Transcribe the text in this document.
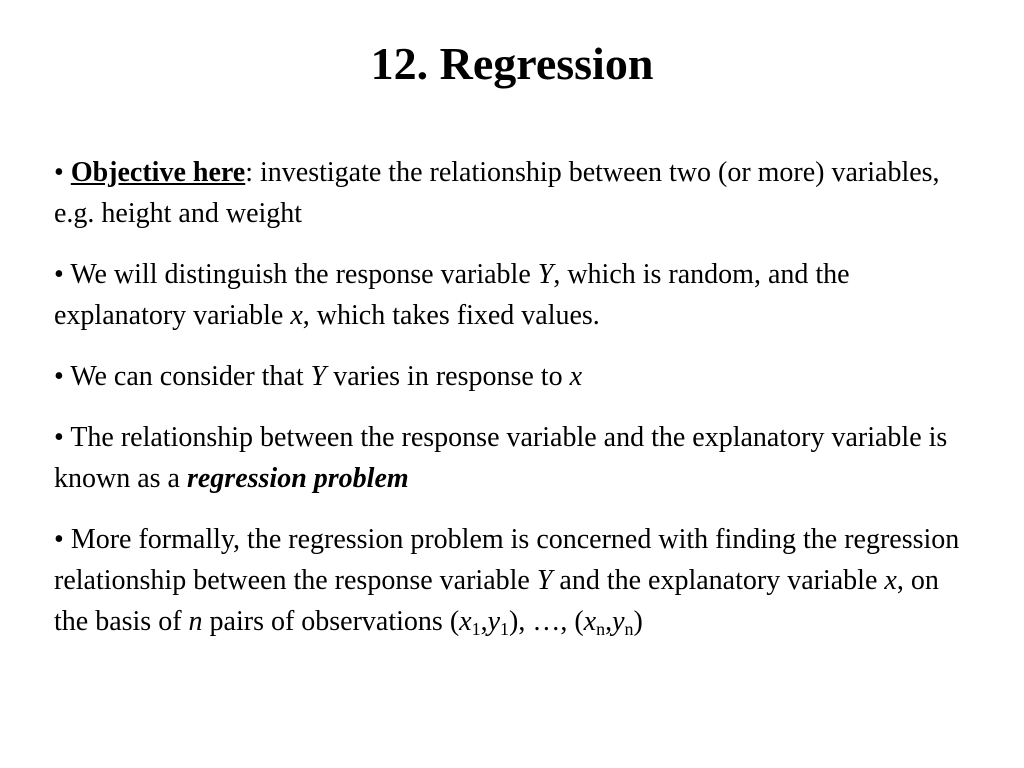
12. Regression

• Objective here: investigate the relationship between two (or more) variables, e.g. height and weight

• We will distinguish the response variable Y, which is random, and the explanatory variable x, which takes fixed values.

• We can consider that Y varies in response to x

• The relationship between the response variable and the explanatory variable is known as a regression problem

• More formally, the regression problem is concerned with finding the regression relationship between the response variable Y and the explanatory variable x, on the basis of n pairs of observations $(x_1,y_1)$, …, $(x_n,y_n)$
